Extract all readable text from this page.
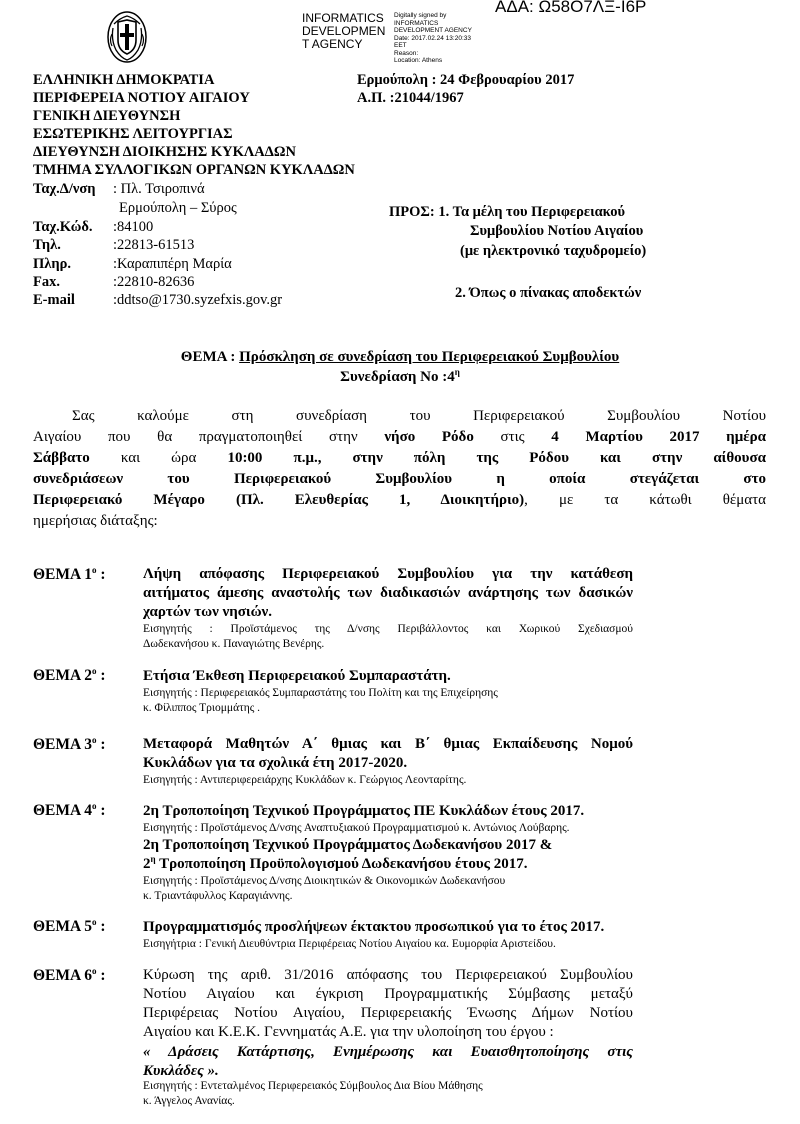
ΑΔΑ: Ω58Ο7ΛΞ-Ι6Ρ
INFORMATICS
DEVELOPMEN
T AGENCY
Digitally signed by
INFORMATICS
DEVELOPMENT AGENCY
Date: 2017.02.24 13:20:33
EET
Reason:
Location: Athens
ΕΛΛΗΝΙΚΗ ΔΗΜΟΚΡΑΤΙΑ
ΠΕΡΙΦΕΡΕΙΑ ΝΟΤΙΟΥ ΑΙΓΑΙΟΥ
ΓΕΝΙΚΗ ΔΙΕΥΘΥΝΣΗ
ΕΣΩΤΕΡΙΚΗΣ ΛΕΙΤΟΥΡΓΙΑΣ
ΔΙΕΥΘΥΝΣΗ ΔΙΟΙΚΗΣΗΣ ΚΥΚΛΑΔΩΝ
ΤΜΗΜΑ ΣΥΛΛΟΓΙΚΩΝ ΟΡΓΑΝΩΝ ΚΥΚΛΑΔΩΝ
Ερμούπολη : 24 Φεβρουαρίου 2017
Α.Π. :21044/1967
Ταχ.Δ/νση : Πλ. Τσιροπινά
Ερμούπολη – Σύρος
Ταχ.Κώδ. :84100
Τηλ.	:22813-61513
Πληρ.	:Καραπιπέρη Μαρία
Fax.	:22810-82636
E-mail	:ddtso@1730.syzefxis.gov.gr
ΠΡΟΣ: 1. Τα μέλη του Περιφερειακού
Συμβουλίου Νοτίου Αιγαίου
(με ηλεκτρονικό ταχυδρομείο)
2. Όπως ο πίνακας αποδεκτών
ΘΕΜΑ : Πρόσκληση σε συνεδρίαση του Περιφερειακού Συμβουλίου
Συνεδρίαση Νο $:4^\eta$
Σας καλούμε στη συνεδρίαση του Περιφερειακού Συμβουλίου Νοτίου
Αιγαίου που θα πραγματοποιηθεί στην νήσο Ρόδο στις 4 Μαρτίου 2017 ημέρα
Σάββατο και ώρα 10:00 π.μ., στην πόλη της Ρόδου και στην αίθουσα
συνεδριάσεων του Περιφερειακού Συμβουλίου η οποία στεγάζεται στο
Περιφερειακό Μέγαρο (Πλ. Ελευθερίας 1, Διοικητήριο), με τα κάτωθι θέματα
ημερήσιας διάταξης:
ΘΕΜΑ $1^o$ : Λήψη απόφασης Περιφερειακού Συμβουλίου για την κατάθεση
αιτήματος άμεσης αναστολής των διαδικασιών ανάρτησης των δασικών
χαρτών των νησιών.
Εισηγητής : Προϊστάμενος της Δ/νσης Περιβάλλοντος και Χωρικού Σχεδιασμού
Δωδεκανήσου κ. Παναγιώτης Βενέρης.
ΘΕΜΑ $2^o$ : Ετήσια Έκθεση Περιφερειακού Συμπαραστάτη.
Εισηγητής : Περιφερειακός Συμπαραστάτης του Πολίτη και της Επιχείρησης
κ. Φίλιππος Τριομμάτης .
ΘΕΜΑ $3^o$ : Μεταφορά Μαθητών Α΄ θμιας και Β΄ θμιας Εκπαίδευσης Νομού
Κυκλάδων για τα σχολικά έτη 2017-2020.
Εισηγητής : Αντιπεριφερειάρχης Κυκλάδων κ. Γεώργιος Λεονταρίτης.
ΘΕΜΑ $4^o$ : 2η Τροποποίηση Τεχνικού Προγράμματος ΠΕ Κυκλάδων έτους 2017.
Εισηγητής : Προϊστάμενος Δ/νσης Αναπτυξιακού Προγραμματισμού κ. Αντώνιος Λούβαρης.
2η Τροποποίηση Τεχνικού Προγράμματος Δωδεκανήσου 2017 &
$2^\eta$ Τροποποίηση Προϋπολογισμού Δωδεκανήσου έτους 2017.
Εισηγητής : Προϊστάμενος Δ/νσης Διοικητικών & Οικονομικών Δωδεκανήσου
κ. Τριαντάφυλλος Καραγιάννης.
ΘΕΜΑ $5^o$ : Προγραμματισμός προσλήψεων έκτακτου προσωπικού για το έτος 2017.
Εισηγήτρια : Γενική Διευθύντρια Περιφέρειας Νοτίου Αιγαίου κα. Ευμορφία Αριστείδου.
ΘΕΜΑ $6^o$ : Κύρωση της αριθ. 31/2016 απόφασης του Περιφερειακού Συμβουλίου
Νοτίου Αιγαίου και έγκριση Προγραμματικής Σύμβασης μεταξύ
Περιφέρειας Νοτίου Αιγαίου, Περιφερειακής Ένωσης Δήμων Νοτίου
Αιγαίου και Κ.Ε.Κ. Γεννηματάς Α.Ε. για την υλοποίηση του έργου :
« Δράσεις Κατάρτισης, Ενημέρωσης και Ευαισθητοποίησης στις
Κυκλάδες ».
Εισηγητής : Εντεταλμένος Περιφερειακός Σύμβουλος Δια Βίου Μάθησης
κ. Άγγελος Ανανίας.
